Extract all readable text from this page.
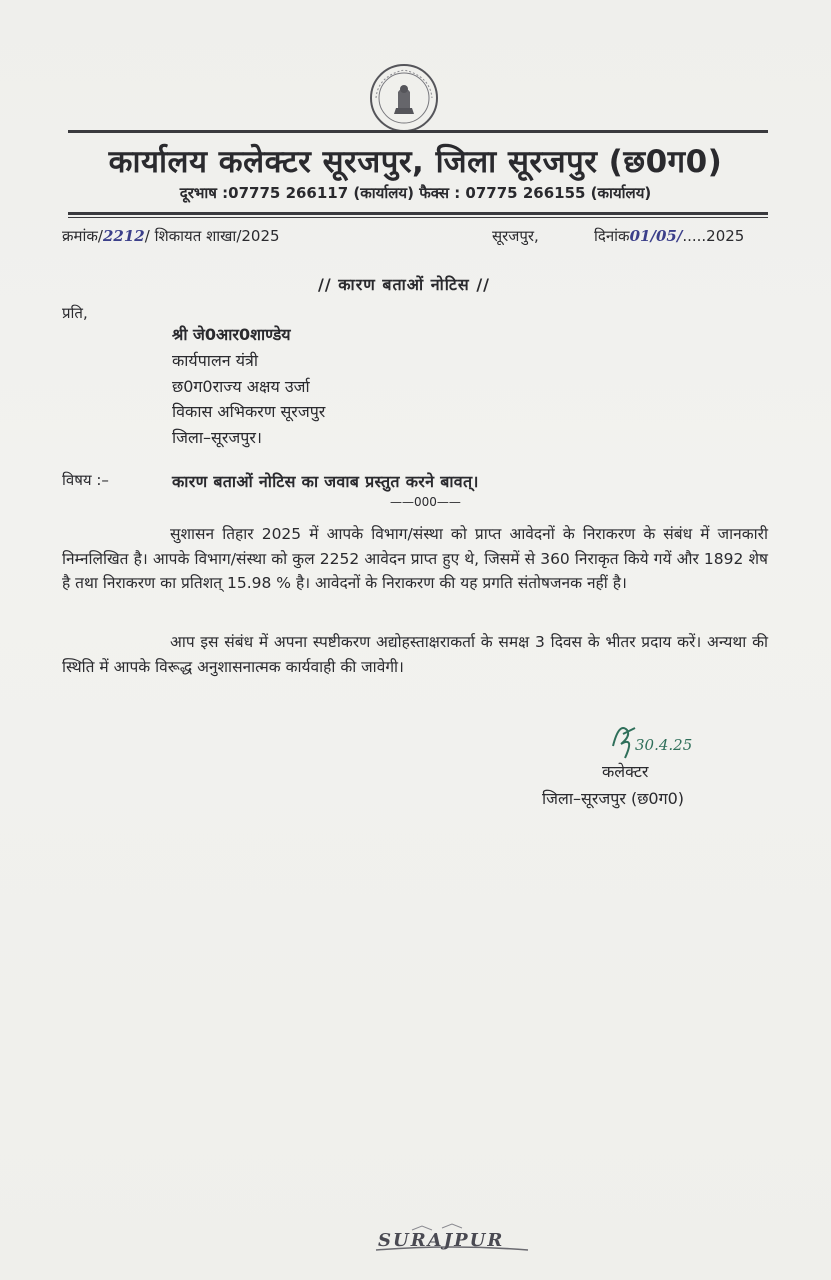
कार्यालय कलेक्टर सूरजपुर, जिला सूरजपुर (छ0ग0)
दूरभाष :07775 266117 (कार्यालय) फैक्स : 07775 266155 (कार्यालय)
क्रमांक/2212/ शिकायत शाखा/2025	सूरजपुर,	दिनांक01/05/.....2025
// कारण बताओं नोटिस //
प्रति,
श्री जे0आर0शाण्डेय
कार्यपालन यंत्री
छ0ग0राज्य अक्षय उर्जा
विकास अभिकरण सूरजपुर
जिला–सूरजपुर।
विषय :–	कारण बताओं नोटिस का जवाब प्रस्तुत करने बावत्।
——000——
सुशासन तिहार 2025 में आपके विभाग/संस्था को प्राप्त आवेदनों के निराकरण के संबंध में जानकारी निम्नलिखित है। आपके विभाग/संस्था को कुल 2252 आवेदन प्राप्त हुए थे, जिसमें से 360 निराकृत किये गयें और 1892 शेष है तथा निराकरण का प्रतिशत् 15.98 % है। आवेदनों के निराकरण की यह प्रगति संतोषजनक नहीं है।
आप इस संबंध में अपना स्पष्टीकरण अद्योहस्ताक्षराकर्ता के समक्ष 3 दिवस के भीतर प्रदाय करें। अन्यथा की स्थिति में आपके विरूद्ध अनुशासनात्मक कार्यवाही की जावेगी।
30.4.25
कलेक्टर
जिला–सूरजपुर (छ0ग0)
SURAJPUR
